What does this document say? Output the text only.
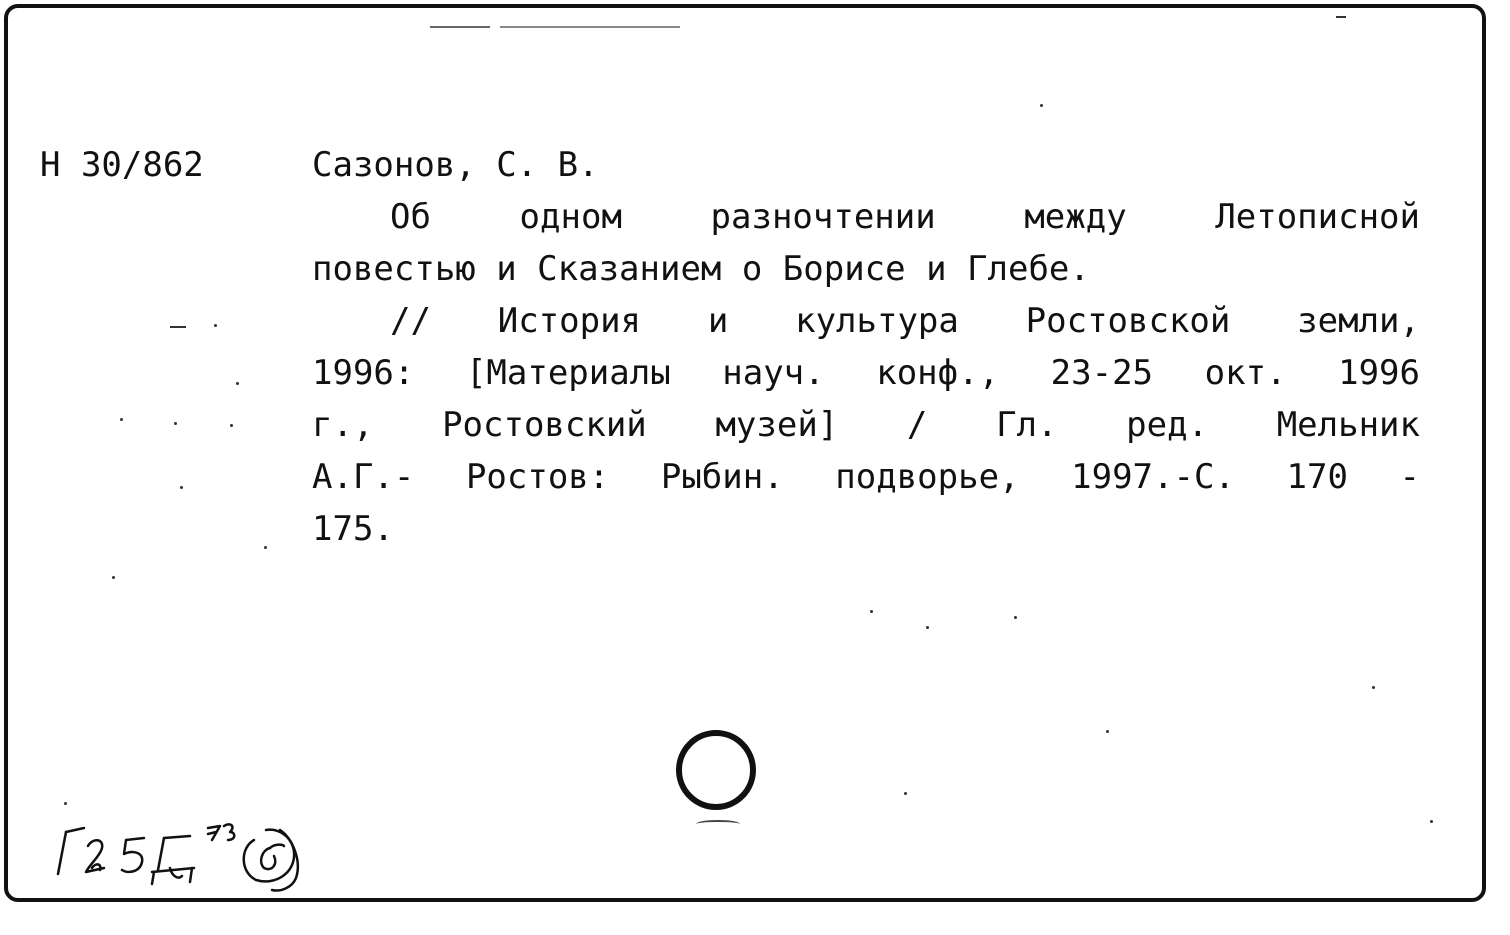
Н 30/862	Сазонов, С. В.
Об одном разночтении между Летописной
повестью и Сказанием о Борисе и Глебе.
// История и культура Ростовской земли,
1996: [Материалы науч. конф., 23-25 окт. 1996
г., Ростовский музей] / Гл. ред. Мельник
А.Г.- Ростов: Рыбин. подворье, 1997.-С. 170 -
175.
